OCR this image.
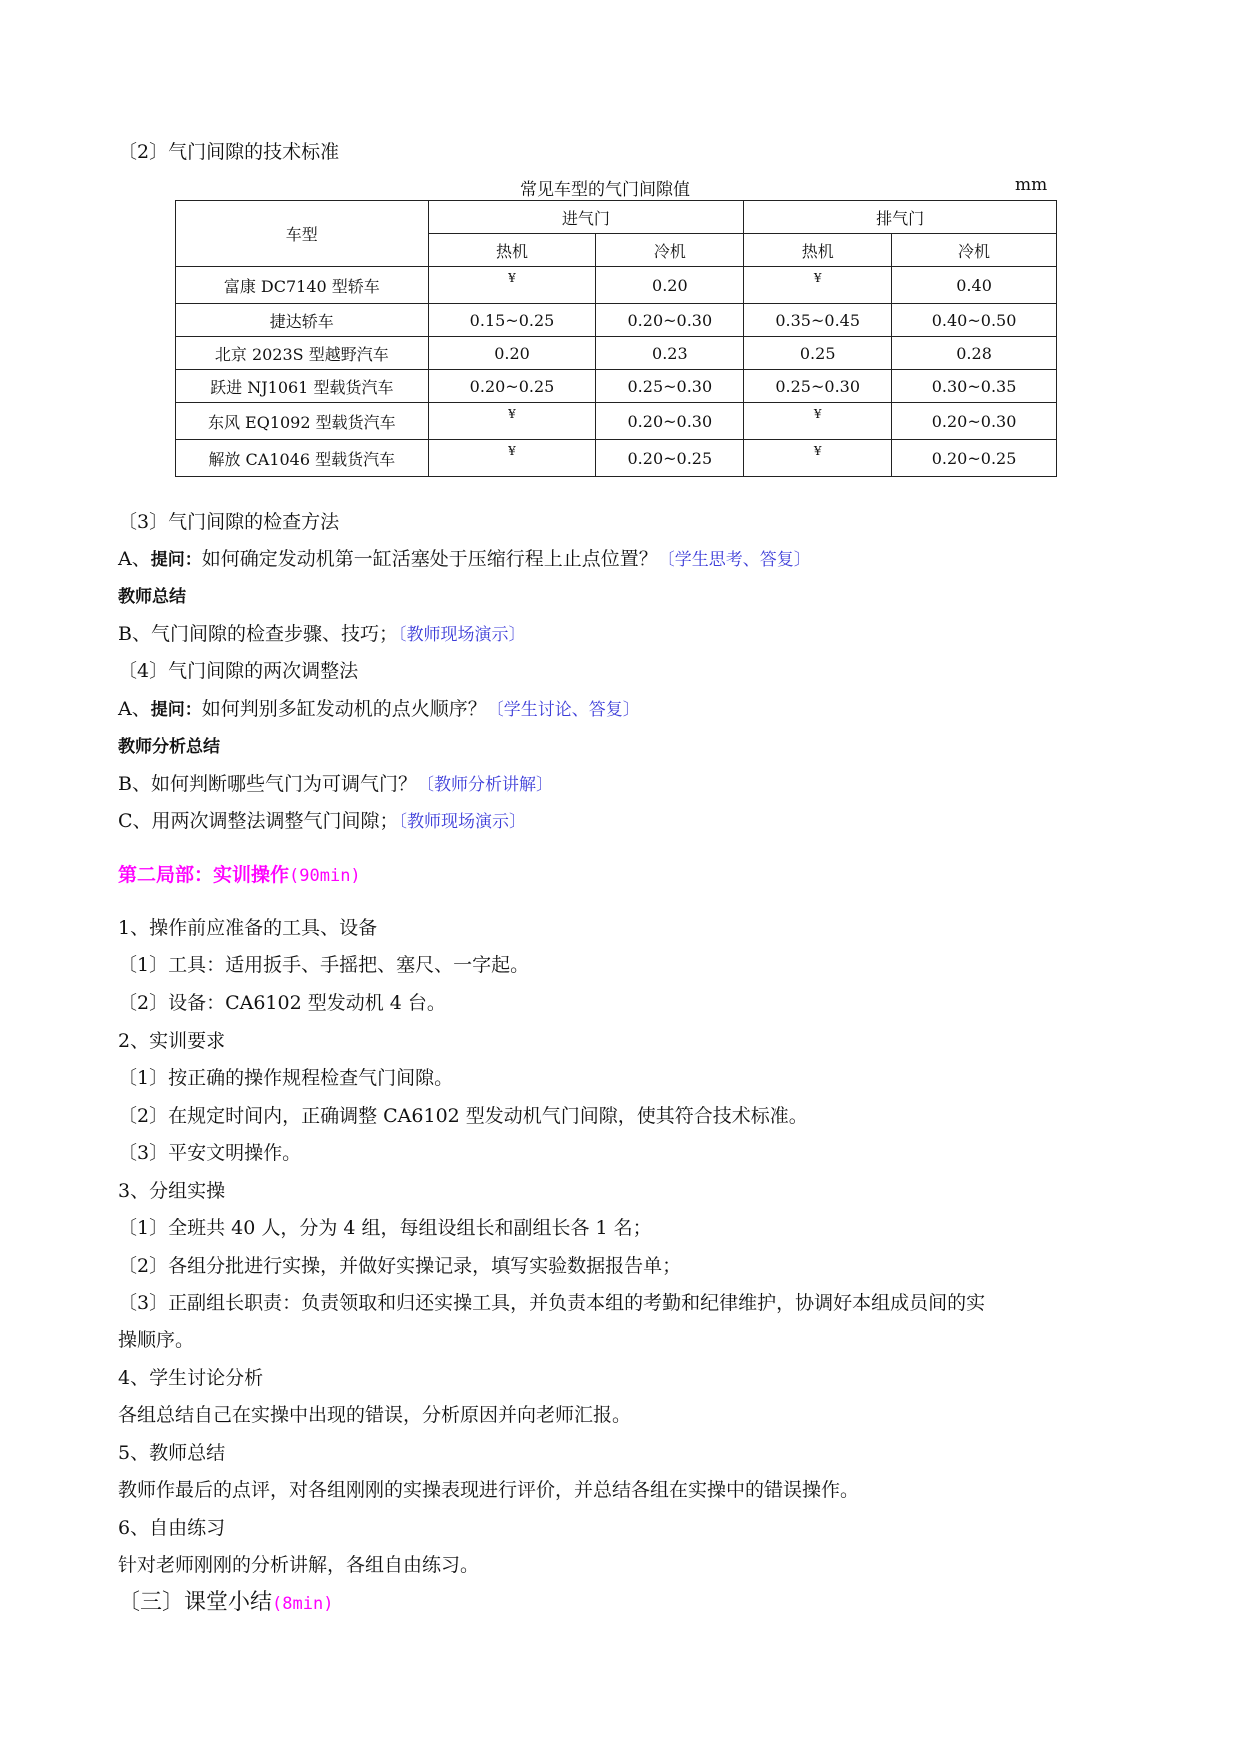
〔2〕气门间隙的技术标准
常见车型的气门间隙值	mm
车型	进气门		排气门	
	热机	冷机	热机	冷机
富康 DC7140 型轿车	¥	0.20	¥	0.40
捷达轿车	0.15~0.25	0.20~0.30	0.35~0.45	0.40~0.50
北京 2023S 型越野汽车	0.20	0.23	0.25	0.28
跃进 NJ1061 型载货汽车	0.20~0.25	0.25~0.30	0.25~0.30	0.30~0.35
东风 EQ1092 型载货汽车	¥	0.20~0.30	¥	0.20~0.30
解放 CA1046 型载货汽车	¥	0.20~0.25	¥	0.20~0.25
〔3〕气门间隙的检查方法
A、提问：如何确定发动机第一缸活塞处于压缩行程上止点位置？〔学生思考、答复〕
教师总结
B、气门间隙的检查步骤、技巧；〔教师现场演示〕
〔4〕气门间隙的两次调整法
A、提问：如何判别多缸发动机的点火顺序？〔学生讨论、答复〕
教师分析总结
B、如何判断哪些气门为可调气门？〔教师分析讲解〕
C、用两次调整法调整气门间隙；〔教师现场演示〕
第二局部：实训操作(90min)
1、操作前应准备的工具、设备
〔1〕工具：适用扳手、手摇把、塞尺、一字起。
〔2〕设备：CA6102 型发动机 4 台。
2、实训要求
〔1〕按正确的操作规程检查气门间隙。
〔2〕在规定时间内，正确调整 CA6102 型发动机气门间隙，使其符合技术标准。
〔3〕平安文明操作。
3、分组实操
〔1〕全班共 40 人，分为 4 组，每组设组长和副组长各 1 名；
〔2〕各组分批进行实操，并做好实操记录，填写实验数据报告单；
〔3〕正副组长职责：负责领取和归还实操工具，并负责本组的考勤和纪律维护，协调好本组成员间的实
操顺序。
4、学生讨论分析
各组总结自己在实操中出现的错误，分析原因并向老师汇报。
5、教师总结
教师作最后的点评，对各组刚刚的实操表现进行评价，并总结各组在实操中的错误操作。
6、自由练习
针对老师刚刚的分析讲解，各组自由练习。
〔三〕课堂小结(8min)
